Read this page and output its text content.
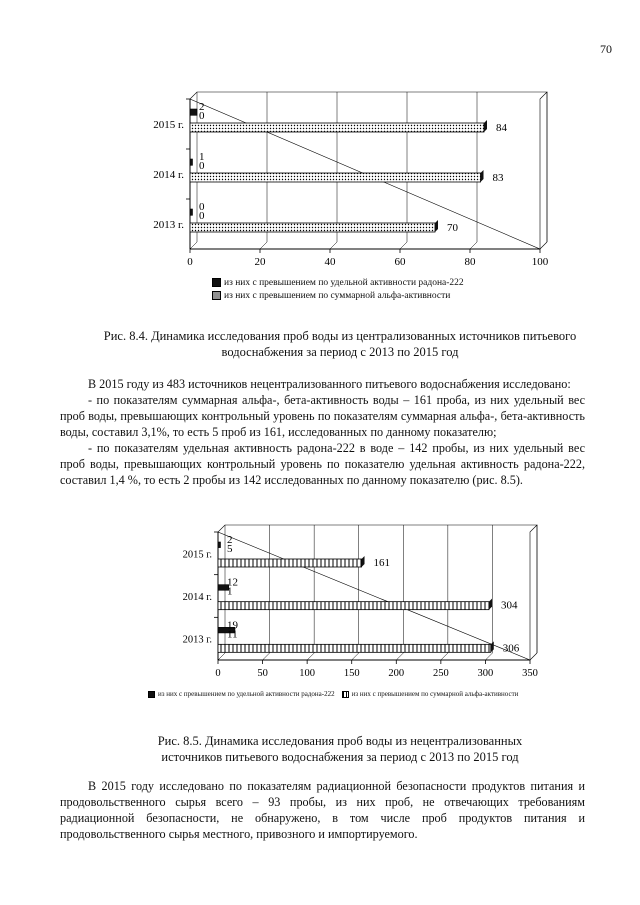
70
0	20	40	60	80	100
2013 г.	70
0
0
2014 г.	83
1
0
2015 г.	84
2
0
из них с превышением по удельной активности радона-222
из них с превышением по суммарной альфа-активности
Рис. 8.4. Динамика исследования проб воды из централизованных источников питьевого
водоснабжения за период с 2013 по 2015 год

В 2015 году из 483 источников нецентрализованного питьевого водоснабжения исследовано:

- по показателям суммарная альфа-, бета-активность воды – 161 проба, из них удельный вес проб воды, превышающих контрольный уровень по показателям суммарная альфа-, бета-активность воды, составил 3,1%, то есть 5 проб из 161, исследованных по данному показателю;

- по показателям удельная активность радона-222 в воде – 142 пробы, из них удельный вес проб воды, превышающих контрольный уровень по показателю удельная активность радона-222, составил 1,4 %, то есть 2 пробы из 142 исследованных по данному показателю (рис. 8.5).

0	50	100	150	200	250	300	350
2013 г.
306
19
11
2014 г.
304
12
1
2015 г.
161
2
5
из них с превышением по удельной активности радона-222 из них с превышением по суммарной альфа-активности
Рис. 8.5. Динамика исследования проб воды из нецентрализованных
источников питьевого водоснабжения за период с 2013 по 2015 год

В 2015 году исследовано по показателям радиационной безопасности продуктов питания и продовольственного сырья всего – 93 пробы, из них проб, не отвечающих требованиям радиационной безопасности, не обнаружено, в том числе проб продуктов питания и продовольственного сырья местного, привозного и импортируемого.
